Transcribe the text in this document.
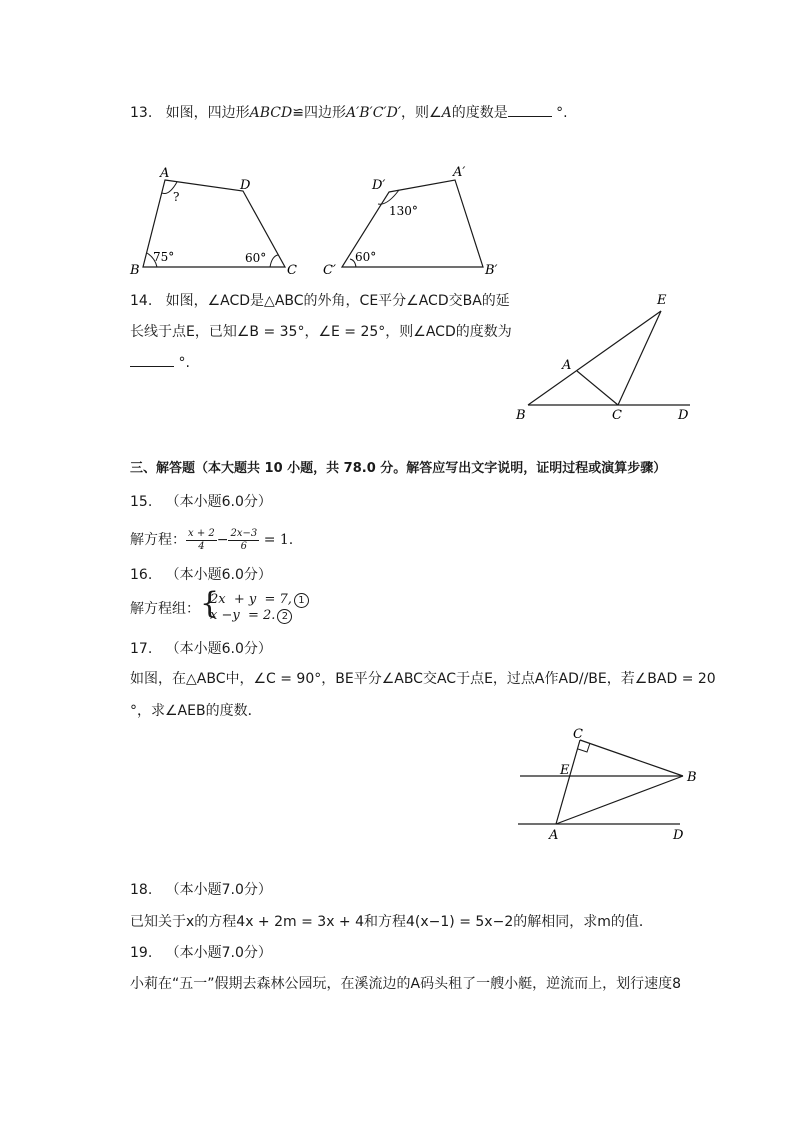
13. 如图，四边形ABCD≌四边形A′B′C′D′，则∠A的度数是	°.
A
D
B	C
?
75°	60°
D′
A′
C′	B′
130°
60°
14. 如图，∠ACD是△ABC的外角，CE平分∠ACD交BA的延
长线于点E，已知∠B = 35°，∠E = 25°，则∠ACD的度数为
°.
E
A
B	C	D
三、解答题（本大题共 10 小题，共 78.0 分。解答应写出文字说明，证明过程或演算步骤）
15. （本小题6.0分）
解方程： $\frac{x + 2}{4} - \frac{2x-3}{6} = 1$.
16. （本小题6.0分）
解方程组： {
2x  + y  = 7, 1
x −y  = 2. 2
17. （本小题6.0分）
如图，在△ABC中，∠C = 90°，BE平分∠ABC交AC于点E，过点A作AD//BE，若∠BAD = 20
°，求∠AEB的度数．
C
E	B
A	D
18. （本小题7.0分）
已知关于x的方程4x + 2m = 3x + 4和方程4(x−1) = 5x−2的解相同，求m的值．
19. （本小题7.0分）
小莉在“五一”假期去森林公园玩，在溪流边的A码头租了一艘小艇，逆流而上，划行速度8
